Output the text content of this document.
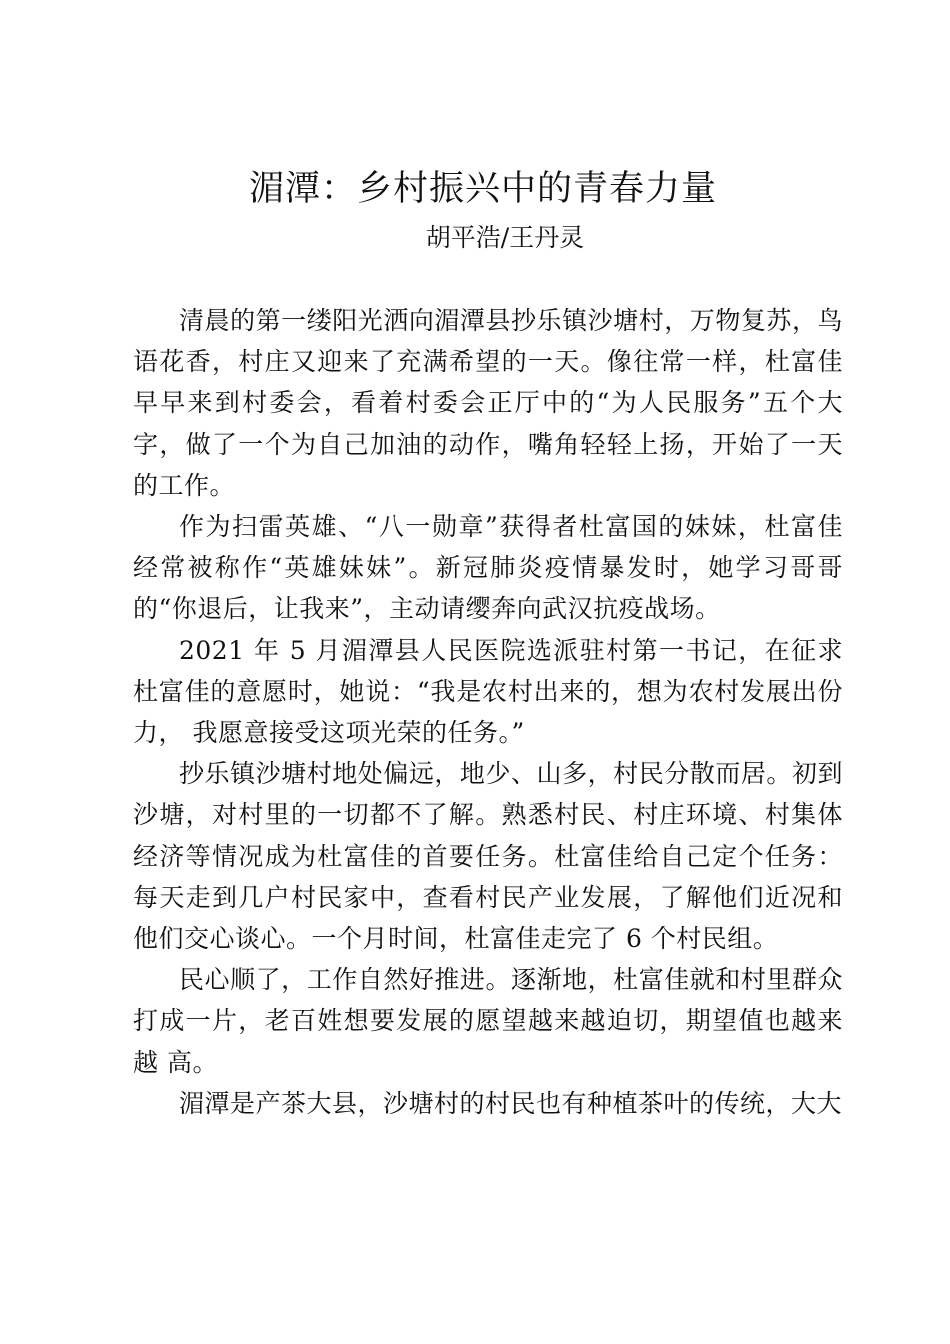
湄潭：乡村振兴中的青春力量
胡平浩/王丹灵

清晨的第一缕阳光洒向湄潭县抄乐镇沙塘村，万物复苏，鸟语花香，村庄又迎来了充满希望的一天。像往常一样，杜富佳早早来到村委会，看着村委会正厅中的“为人民服务”五个大字，做了一个为自己加油的动作，嘴角轻轻上扬，开始了一天的工作。

作为扫雷英雄、“八一勋章”获得者杜富国的妹妹，杜富佳经常被称作“英雄妹妹”。新冠肺炎疫情暴发时，她学习哥哥的“你退后，让我来”，主动请缨奔向武汉抗疫战场。

2021 年 5 月湄潭县人民医院选派驻村第一书记，在征求杜富佳的意愿时，她说：“我是农村出来的，想为农村发展出份力， 我愿意接受这项光荣的任务。”

抄乐镇沙塘村地处偏远，地少、山多，村民分散而居。初到沙塘，对村里的一切都不了解。熟悉村民、村庄环境、村集体经济等情况成为杜富佳的首要任务。杜富佳给自己定个任务：每天走到几户村民家中，查看村民产业发展，了解他们近况和他们交心谈心。一个月时间，杜富佳走完了 6 个村民组。

民心顺了，工作自然好推进。逐渐地，杜富佳就和村里群众打成一片，老百姓想要发展的愿望越来越迫切，期望值也越来越 高。

湄潭是产茶大县，沙塘村的村民也有种植茶叶的传统，大大
